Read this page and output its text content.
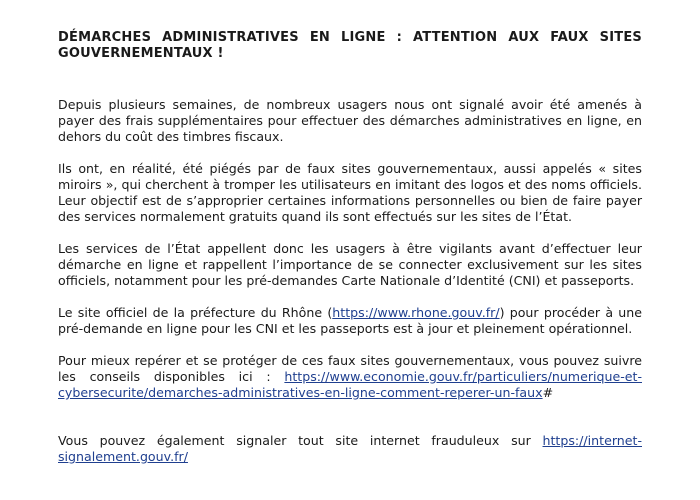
DÉMARCHES ADMINISTRATIVES EN LIGNE : ATTENTION AUX FAUX SITES GOUVERNEMENTAUX !

Depuis plusieurs semaines, de nombreux usagers nous ont signalé avoir été amenés à payer des frais supplémentaires pour effectuer des démarches administratives en ligne, en dehors du coût des timbres fiscaux.

Ils ont, en réalité, été piégés par de faux sites gouvernementaux, aussi appelés « sites miroirs », qui cherchent à tromper les utilisateurs en imitant des logos et des noms officiels. Leur objectif est de s’approprier certaines informations personnelles ou bien de faire payer des services normalement gratuits quand ils sont effectués sur les sites de l’État.

Les services de l’État appellent donc les usagers à être vigilants avant d’effectuer leur démarche en ligne et rappellent l’importance de se connecter exclusivement sur les sites officiels, notamment pour les pré-demandes Carte Nationale d’Identité (CNI) et passeports.

Le site officiel de la préfecture du Rhône (https://www.rhone.gouv.fr/) pour procéder à une pré-demande en ligne pour les CNI et les passeports est à jour et pleinement opérationnel.

Pour mieux repérer et se protéger de ces faux sites gouvernementaux, vous pouvez suivre les conseils disponibles ici : https://www.economie.gouv.fr/particuliers/numerique-et-cybersecurite/demarches-administratives-en-ligne-comment-reperer-un-faux#

Vous pouvez également signaler tout site internet frauduleux sur https://internet-signalement.gouv.fr/
